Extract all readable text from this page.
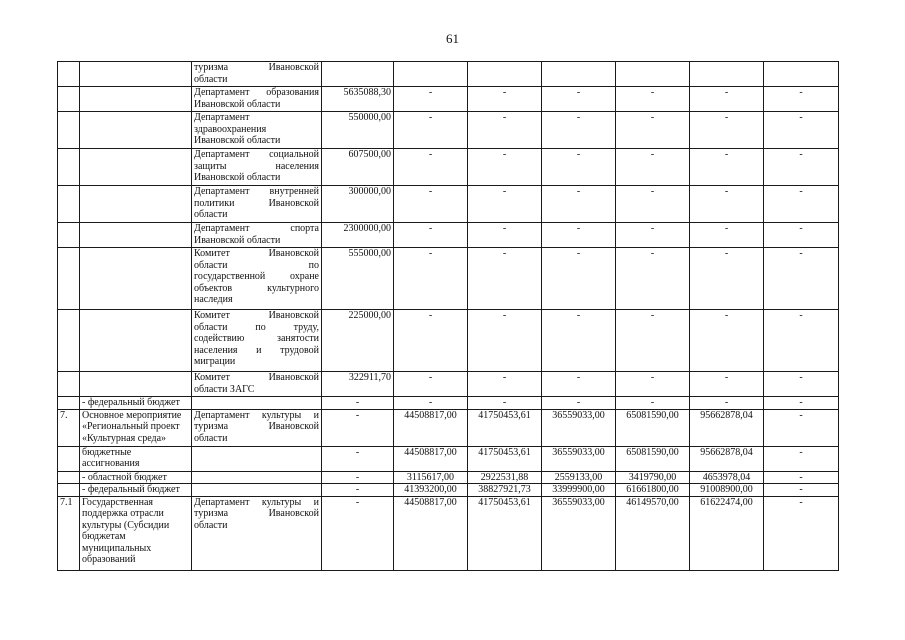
61

		туризма Ивановской
области							

		Департамент образования
Ивановской области	5635088,30	-	-	-	-	-	-

		Департамент
здравоохранения
Ивановской области	550000,00	-	-	-	-	-	-

		Департамент социальной
защиты населения
Ивановской области	607500,00	-	-	-	-	-	-

		Департамент внутренней
политики Ивановской
области	300000,00	-	-	-	-	-	-

		Департамент спорта
Ивановской области	2300000,00	-	-	-	-	-	-

		Комитет Ивановской
области по
государственной охране
объектов культурного
наследия	555000,00	-	-	-	-	-	-

		Комитет Ивановской
области по труду,
содействию занятости
населения и трудовой
миграции	225000,00	-	-	-	-	-	-

		Комитет Ивановской
области ЗАГС	322911,70	-	-	-	-	-	-
	- федеральный бюджет		-	-	-	-	-	-	-
7.	Основное мероприятие «Региональный проект «Культурная среда»	Департамент культуры и
туризма Ивановской
области	-	44508817,00	41750453,61	36559033,00	65081590,00	95662878,04	-
	бюджетные ассигнования		-	44508817,00	41750453,61	36559033,00	65081590,00	95662878,04	-
	- областной бюджет		-	3115617,00	2922531,88	2559133,00	3419790,00	4653978,04	-
	- федеральный бюджет		-	41393200,00	38827921,73	33999900,00	61661800,00	91008900,00	-
7.1	Государственная поддержка отрасли культуры (Субсидии бюджетам муниципальных образований	Департамент культуры и
туризма Ивановской
области	-	44508817,00	41750453,61	36559033,00	46149570,00	61622474,00	-
